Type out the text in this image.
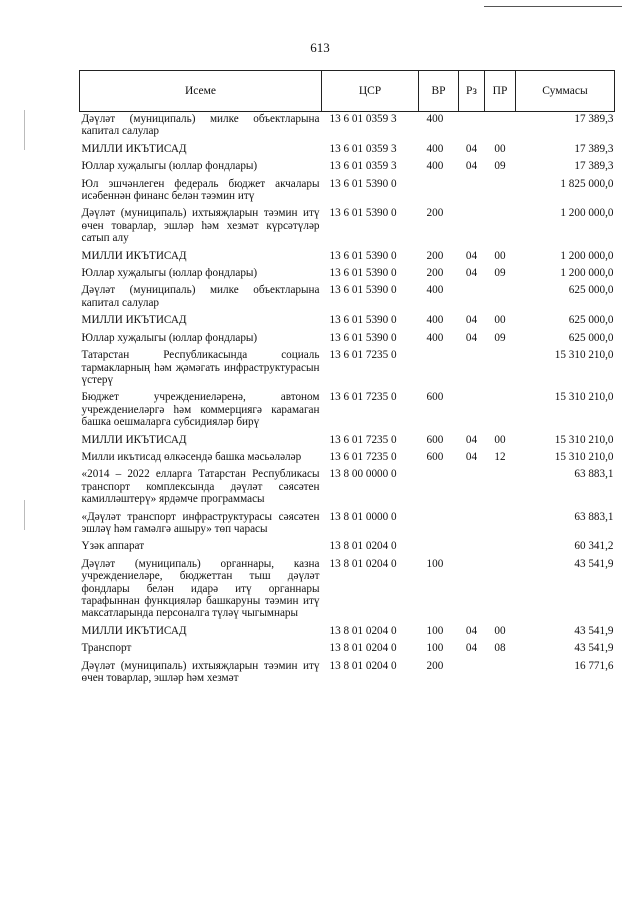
613
Исеме	ЦСР	ВР	Рз	ПР	Суммасы
Дәүләт (муниципаль) милке объектларына капитал салулар	13 6 01 0359 3	400			17 389,3
МИЛЛИ ИКЪТИСАД	13 6 01 0359 3	400	04	00	17 389,3
Юллар хуҗалыгы (юллар фондлары)	13 6 01 0359 3	400	04	09	17 389,3
Юл эшчәнлеген федераль бюджет акчалары исәбеннән финанс белән тәэмин итү	13 6 01 5390 0				1 825 000,0
Дәүләт (муниципаль) ихтыяҗларын тәэмин итү өчен товарлар, эшләр һәм хезмәт күрсәтүләр сатып алу	13 6 01 5390 0	200			1 200 000,0
МИЛЛИ ИКЪТИСАД	13 6 01 5390 0	200	04	00	1 200 000,0
Юллар хуҗалыгы (юллар фондлары)	13 6 01 5390 0	200	04	09	1 200 000,0
Дәүләт (муниципаль) милке объектларына капитал салулар	13 6 01 5390 0	400			625 000,0
МИЛЛИ ИКЪТИСАД	13 6 01 5390 0	400	04	00	625 000,0
Юллар хуҗалыгы (юллар фондлары)	13 6 01 5390 0	400	04	09	625 000,0
Татарстан Республикасында социаль тармакларның һәм җәмәгать инфраструктурасын үстерү	13 6 01 7235 0				15 310 210,0
Бюджет учреждениеләренә, автоном учреждениеләргә һәм коммерциягә карамаган башка оешмаларга субсидияләр бирү	13 6 01 7235 0	600			15 310 210,0
МИЛЛИ ИКЪТИСАД	13 6 01 7235 0	600	04	00	15 310 210,0
Милли икътисад өлкәсендә башка мәсьәләләр	13 6 01 7235 0	600	04	12	15 310 210,0
«2014 – 2022 елларга Татарстан Республикасы транспорт комплексында дәүләт сәясәтен камилләштерү» ярдәмче программасы	13 8 00 0000 0				63 883,1
«Дәүләт транспорт инфраструктурасы сәясәтен эшләү һәм гамәлгә ашыру» төп чарасы	13 8 01 0000 0				63 883,1
Үзәк аппарат	13 8 01 0204 0				60 341,2
Дәүләт (муниципаль) органнары, казна учреждениеләре, бюджеттан тыш дәүләт фондлары белән идарә итү органнары тарафыннан функцияләр башкаруны тәэмин итү максатларында персоналга түләү чыгымнары	13 8 01 0204 0	100			43 541,9
МИЛЛИ ИКЪТИСАД	13 8 01 0204 0	100	04	00	43 541,9
Транспорт	13 8 01 0204 0	100	04	08	43 541,9
Дәүләт (муниципаль) ихтыяҗларын тәэмин итү өчен товарлар, эшләр һәм хезмәт	13 8 01 0204 0	200			16 771,6
